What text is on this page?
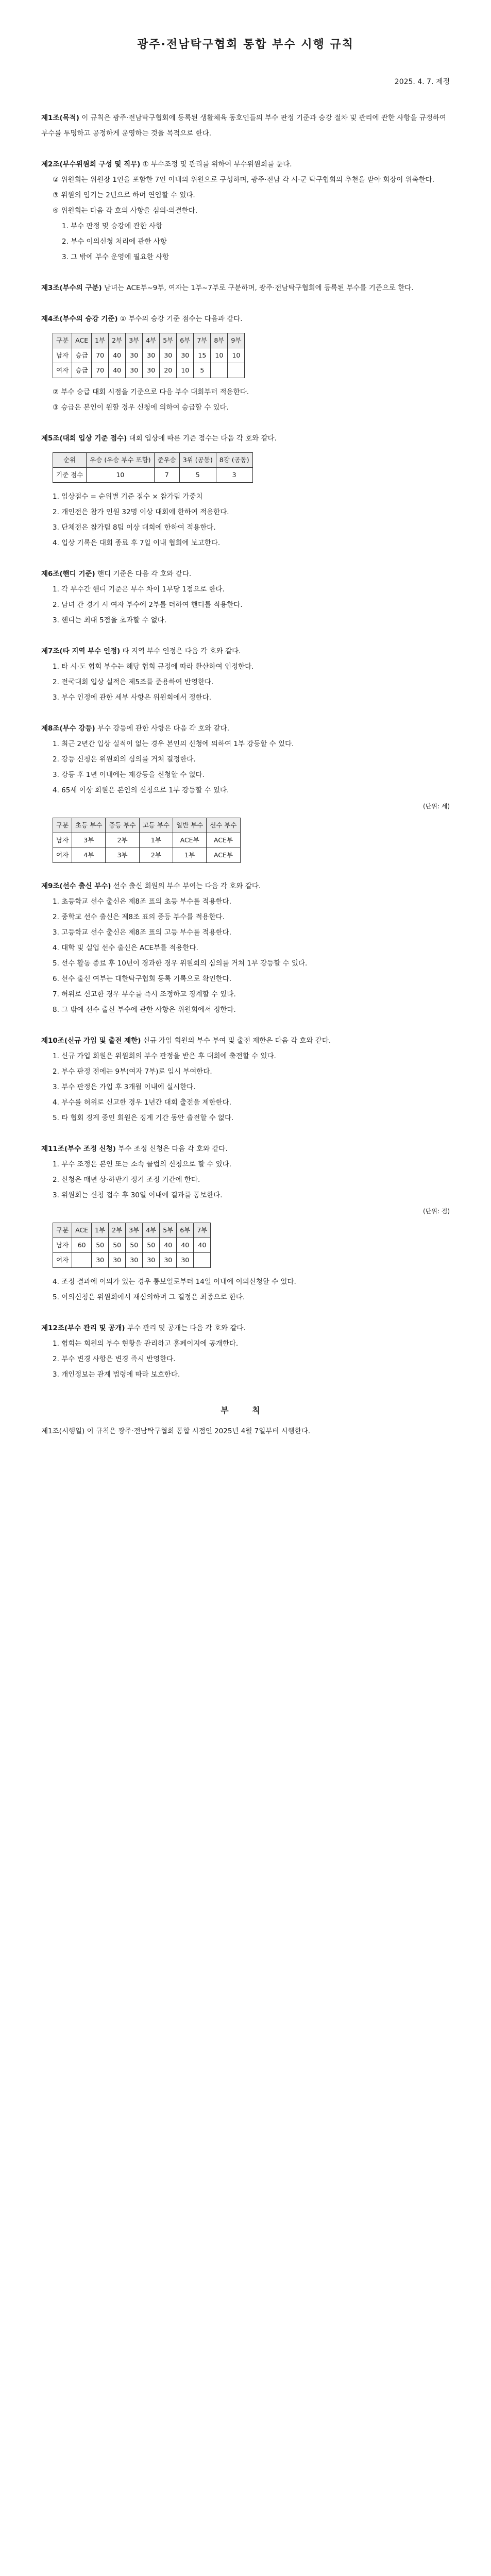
광주·전남탁구협회 통합 부수 시행 규칙
2025. 4. 7. 제정
제1조(목적) 이 규칙은 광주·전남탁구협회에 등록된 생활체육 동호인들의 부수 판정 기준과 승강 절차 및 관리에 관한 사항을 규정하여 부수를 투명하고 공정하게 운영하는 것을 목적으로 한다.
제2조(부수위원회 구성 및 직무) ① 부수조정 및 관리를 위하여 부수위원회를 둔다.
② 위원회는 위원장 1인을 포함한 7인 이내의 위원으로 구성하며, 광주·전남 각 시·군 탁구협회의 추천을 받아 회장이 위촉한다.
③ 위원의 임기는 2년으로 하며 연임할 수 있다.
④ 위원회는 다음 각 호의 사항을 심의·의결한다.
1. 부수 판정 및 승강에 관한 사항
2. 부수 이의신청 처리에 관한 사항
3. 그 밖에 부수 운영에 필요한 사항
제3조(부수의 구분) 남녀는 ACE부~9부, 여자는 1부~7부로 구분하며, 광주·전남탁구협회에 등록된 부수를 기준으로 한다.
제4조(부수의 승강 기준) ① 부수의 승강 기준 점수는 다음과 같다.
구분	ACE	1부	2부	3부	4부	5부	6부	7부	8부	9부
남자	승급	70	40	30	30	30	30	15	10	10
여자	승급	70	40	30	30	20	10	5		
② 부수 승급 대회 시점을 기준으로 다음 부수 대회부터 적용한다.
③ 승급은 본인이 원할 경우 신청에 의하여 승급할 수 있다.
제5조(대회 입상 기준 점수) 대회 입상에 따른 기준 점수는 다음 각 호와 같다.
순위	우승 (우승 부수 포함)	준우승	3위 (공동)	8강 (공동)
기준 점수	10	7	5	3
1. 입상점수 = 순위별 기준 점수 × 참가팀 가중치
2. 개인전은 참가 인원 32명 이상 대회에 한하여 적용한다.
3. 단체전은 참가팀 8팀 이상 대회에 한하여 적용한다.
4. 입상 기록은 대회 종료 후 7일 이내 협회에 보고한다.
제6조(핸디 기준) 핸디 기준은 다음 각 호와 같다.
1. 각 부수간 핸디 기준은 부수 차이 1부당 1점으로 한다.
2. 남녀 간 경기 시 여자 부수에 2부를 더하여 핸디를 적용한다.
3. 핸디는 최대 5점을 초과할 수 없다.
제7조(타 지역 부수 인정) 타 지역 부수 인정은 다음 각 호와 같다.
1. 타 시·도 협회 부수는 해당 협회 규정에 따라 환산하여 인정한다.
2. 전국대회 입상 실적은 제5조를 준용하여 반영한다.
3. 부수 인정에 관한 세부 사항은 위원회에서 정한다.
제8조(부수 강등) 부수 강등에 관한 사항은 다음 각 호와 같다.
1. 최근 2년간 입상 실적이 없는 경우 본인의 신청에 의하여 1부 강등할 수 있다.
2. 강등 신청은 위원회의 심의를 거쳐 결정한다.
3. 강등 후 1년 이내에는 재강등을 신청할 수 없다.
4. 65세 이상 회원은 본인의 신청으로 1부 강등할 수 있다.
(단위: 세)
구분	초등 부수	중등 부수	고등 부수	일반 부수	선수 부수
남자	3부	2부	1부	ACE부	ACE부
여자	4부	3부	2부	1부	ACE부
제9조(선수 출신 부수) 선수 출신 회원의 부수 부여는 다음 각 호와 같다.
1. 초등학교 선수 출신은 제8조 표의 초등 부수를 적용한다.
2. 중학교 선수 출신은 제8조 표의 중등 부수를 적용한다.
3. 고등학교 선수 출신은 제8조 표의 고등 부수를 적용한다.
4. 대학 및 실업 선수 출신은 ACE부를 적용한다.
5. 선수 활동 종료 후 10년이 경과한 경우 위원회의 심의를 거쳐 1부 강등할 수 있다.
6. 선수 출신 여부는 대한탁구협회 등록 기록으로 확인한다.
7. 허위로 신고한 경우 부수를 즉시 조정하고 징계할 수 있다.
8. 그 밖에 선수 출신 부수에 관한 사항은 위원회에서 정한다.
제10조(신규 가입 및 출전 제한) 신규 가입 회원의 부수 부여 및 출전 제한은 다음 각 호와 같다.
1. 신규 가입 회원은 위원회의 부수 판정을 받은 후 대회에 출전할 수 있다.
2. 부수 판정 전에는 9부(여자 7부)로 임시 부여한다.
3. 부수 판정은 가입 후 3개월 이내에 실시한다.
4. 부수를 허위로 신고한 경우 1년간 대회 출전을 제한한다.
5. 타 협회 징계 중인 회원은 징계 기간 동안 출전할 수 없다.
제11조(부수 조정 신청) 부수 조정 신청은 다음 각 호와 같다.
1. 부수 조정은 본인 또는 소속 클럽의 신청으로 할 수 있다.
2. 신청은 매년 상·하반기 정기 조정 기간에 한다.
3. 위원회는 신청 접수 후 30일 이내에 결과를 통보한다.
(단위: 점)
구분	ACE	1부	2부	3부	4부	5부	6부	7부
남자	60	50	50	50	50	40	40	40
여자		30	30	30	30	30	30	
4. 조정 결과에 이의가 있는 경우 통보일로부터 14일 이내에 이의신청할 수 있다.
5. 이의신청은 위원회에서 재심의하며 그 결정은 최종으로 한다.
제12조(부수 관리 및 공개) 부수 관리 및 공개는 다음 각 호와 같다.
1. 협회는 회원의 부수 현황을 관리하고 홈페이지에 공개한다.
2. 부수 변경 사항은 변경 즉시 반영한다.
3. 개인정보는 관계 법령에 따라 보호한다.
부 칙
제1조(시행일) 이 규칙은 광주·전남탁구협회 통합 시점인 2025년 4월 7일부터 시행한다.
